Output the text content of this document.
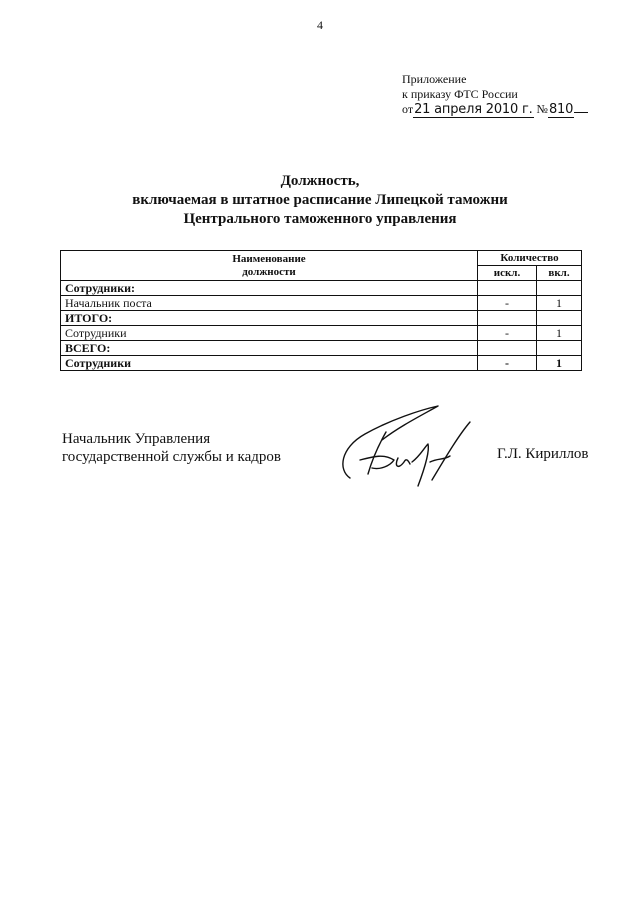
4
Приложение
к приказу ФТС России
от21 апреля 2010 г. №810
Должность,
включаемая в штатное расписание Липецкой таможни
Центрального таможенного управления
Наименование
должности	Количество	
	искл.	вкл.
Сотрудники:		
Начальник поста	-	1
ИТОГО:		
Сотрудники	-	1
ВСЕГО:		
Сотрудники	-	1
Начальник Управления
государственной службы и кадров	Г.Л. Кириллов
